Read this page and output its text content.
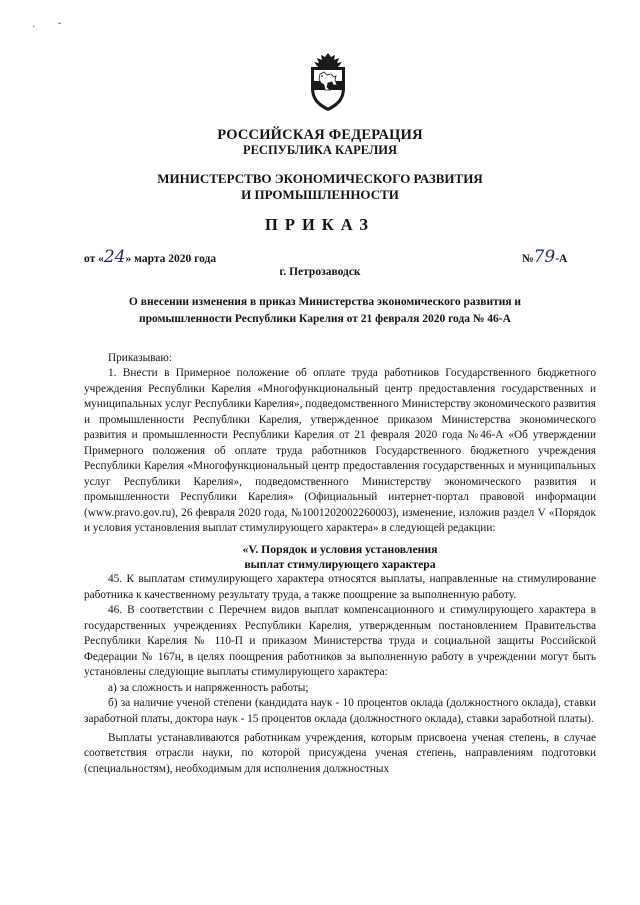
·         ˇ
РОССИЙСКАЯ ФЕДЕРАЦИЯ
РЕСПУБЛИКА КАРЕЛИЯ
МИНИСТЕРСТВО ЭКОНОМИЧЕСКОГО РАЗВИТИЯ
И ПРОМЫШЛЕННОСТИ
ПРИКАЗ
от «24» марта 2020 года	№79-А
г. Петрозаводск
О внесении изменения в приказ Министерства экономического развития и промышленности Республики Карелия от 21 февраля 2020 года № 46-А

Приказываю:

1. Внести в Примерное положение об оплате труда работников Государственного бюджетного учреждения Республики Карелия «Многофункциональный центр предоставления государственных и муниципальных услуг Республики Карелия», подведомственного Министерству экономического развития и промышленности Республики Карелия, утвержденное приказом Министерства экономического развития и промышленности Республики Карелия от 21 февраля 2020 года №46-А «Об утверждении Примерного положения об оплате труда работников Государственного бюджетного учреждения Республики Карелия «Многофункциональный центр предоставления государственных и муниципальных услуг Республики Карелия», подведомственного Министерству экономического развития и промышленности Республики Карелия» (Официальный интернет-портал правовой информации (www.pravo.gov.ru), 26 февраля 2020 года, №1001202002260003), изменение, изложив раздел V «Порядок и условия установления выплат стимулирующего характера» в следующей редакции:

«V. Порядок и условия установления
выплат стимулирующего характера

45. К выплатам стимулирующего характера относятся выплаты, направленные на стимулирование работника к качественному результату труда, а также поощрение за выполненную работу.

46. В соответствии с Перечнем видов выплат компенсационного и стимулирующего характера в государственных учреждениях Республики Карелия, утвержденным постановлением Правительства Республики Карелия № 110-П и приказом Министерства труда и социальной защиты Российской Федерации № 167н, в целях поощрения работников за выполненную работу в учреждении могут быть установлены следующие выплаты стимулирующего характера:

а) за сложность и напряженность работы;

б) за наличие ученой степени (кандидата наук - 10 процентов оклада (должностного оклада), ставки заработной платы, доктора наук - 15 процентов оклада (должностного оклада), ставки заработной платы).

Выплаты устанавливаются работникам учреждения, которым присвоена ученая степень, в случае соответствия отрасли науки, по которой присуждена ученая степень, направлениям подготовки (специальностям), необходимым для исполнения должностных
